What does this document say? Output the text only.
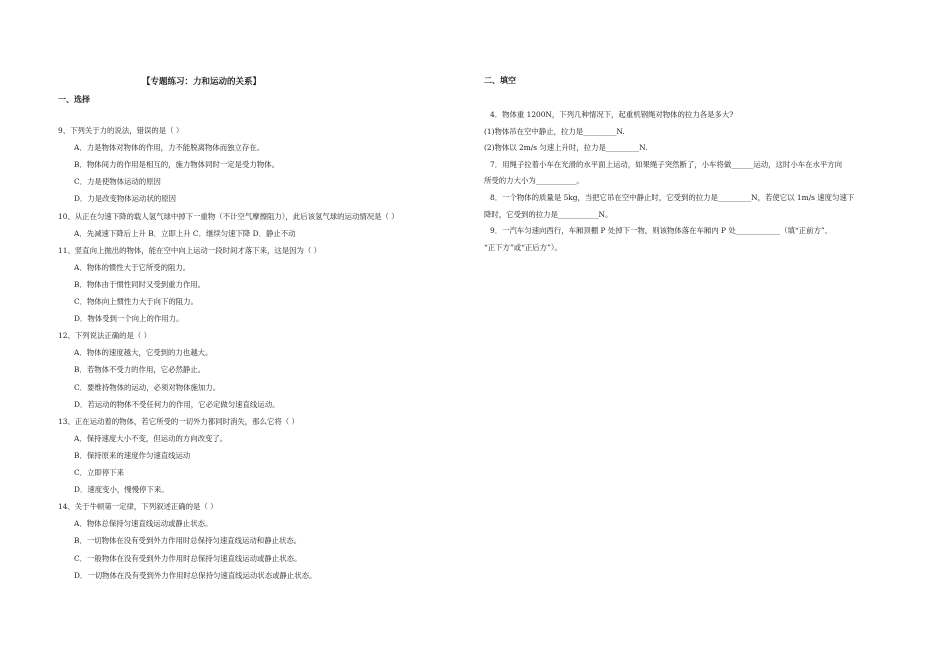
【专题练习：力和运动的关系】
一、选择
9、下列关于力的说法，错误的是（ ）
A．力是物体对物体的作用，力不能脱离物体而独立存在。
B．物体间力的作用是相互的，施力物体同时一定是受力物体。
C．力是使物体运动的原因
D．力是改变物体运动状的原因
10、从正在匀速下降的载人氢气球中掉下一重物（不计空气摩擦阻力），此后该氢气球的运动情况是（ ）
A．先减速下降后上升 B．立即上升 C．继续匀速下降 D．静止不动
11、竖直向上抛出的物体，能在空中向上运动一段时间才落下来，这是因为（ ）
A．物体的惯性大于它所受的阻力。
B．物体由于惯性同时又受到重力作用。
C．物体向上惯性力大于向下的阻力。
D．物体受到一个向上的作用力。
12、下列说法正确的是（ ）
A．物体的速度越大，它受到的力也越大。
B．若物体不受力的作用，它必然静止。
C．要维持物体的运动，必须对物体施加力。
D．若运动的物体不受任何力的作用，它必定做匀速直线运动。
13、正在运动着的物体，若它所受的一切外力都同时消失，那么它将（ ）
A．保持速度大小不变，但运动的方向改变了。
B．保持原来的速度作匀速直线运动
C．立即停下来
D．速度变小，慢慢停下来。
14、关于牛顿第一定律，下列叙述正确的是（ ）
A．物体总保持匀速直线运动或静止状态。
B．一切物体在没有受到外力作用时总保持匀速直线运动和静止状态。
C．一般物体在没有受到外力作用时总保持匀速直线运动或静止状态。
D．一切物体在没有受到外力作用时总保持匀速直线运动状态或静止状态。
二、填空
4．物体重 1200N，下列几种情况下，起重机钢绳对物体的拉力各是多大?
(1)物体吊在空中静止，拉力是_________N.
(2)物体以 2m/s 匀速上升时，拉力是_________N.
7．用绳子拉着小车在光滑的水平面上运动，如果绳子突然断了，小车将做______运动，这时小车在水平方向
所受的力大小为___________。
8．一个物体的质量是 5kg，当把它吊在空中静止时，它受到的拉力是_________N，若使它以 1m/s 速度匀速下
降时，它受到的拉力是___________N。
9．一汽车匀速向西行，车厢顶棚 P 处掉下一物，则该物体落在车厢内 P 处____________（填“正前方”、
“正下方”或“正后方”）。
